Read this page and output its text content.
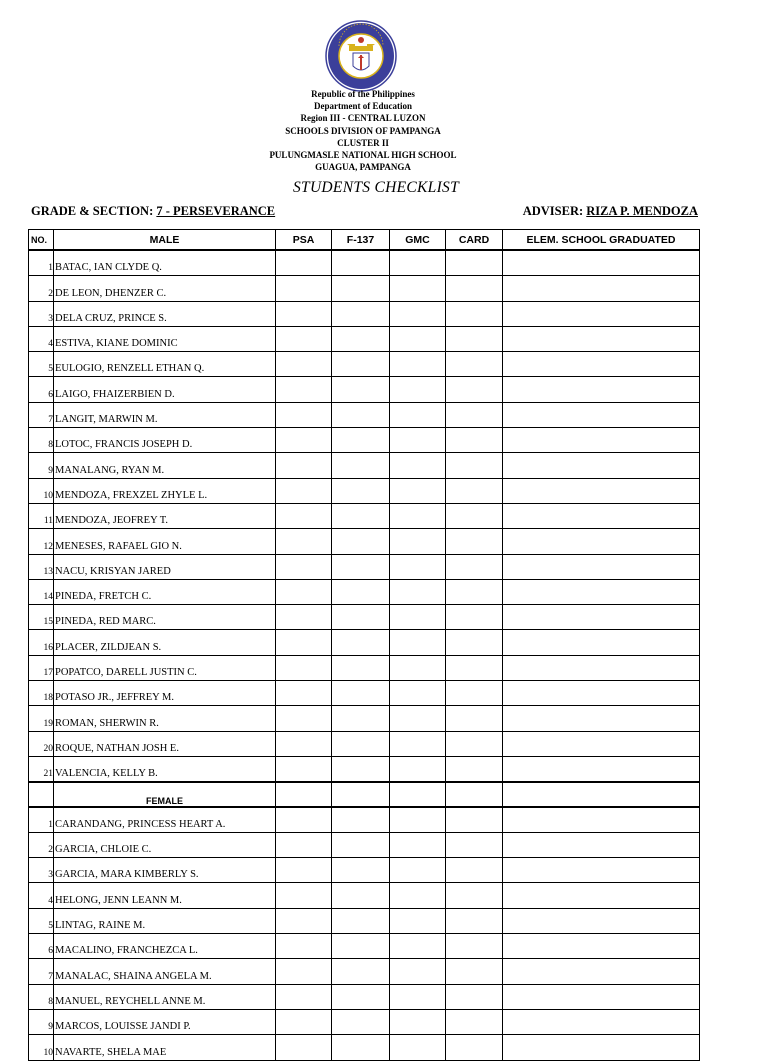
Republic of the Philippines
Department of Education
Region III - CENTRAL LUZON
SCHOOLS DIVISION OF PAMPANGA
CLUSTER II
PULUNGMASLE NATIONAL HIGH SCHOOL
GUAGUA, PAMPANGA
STUDENTS CHECKLIST
GRADE & SECTION: 7 - PERSEVERANCE	ADVISER: RIZA P. MENDOZA
NO.	MALE	PSA	F-137	GMC	CARD	ELEM. SCHOOL GRADUATED
1	BATAC, IAN CLYDE Q.					
2	DE LEON, DHENZER C.					
3	DELA CRUZ, PRINCE S.					
4	ESTIVA, KIANE DOMINIC					
5	EULOGIO, RENZELL ETHAN Q.					
6	LAIGO, FHAIZERBIEN D.					
7	LANGIT, MARWIN M.					
8	LOTOC, FRANCIS JOSEPH D.					
9	MANALANG, RYAN M.					
10	MENDOZA, FREXZEL ZHYLE L.					
11	MENDOZA, JEOFREY T.					
12	MENESES, RAFAEL GIO N.					
13	NACU, KRISYAN JARED					
14	PINEDA, FRETCH C.					
15	PINEDA, RED MARC.					
16	PLACER, ZILDJEAN S.					
17	POPATCO, DARELL JUSTIN C.					
18	POTASO JR., JEFFREY M.					
19	ROMAN, SHERWIN R.					
20	ROQUE, NATHAN JOSH E.					
21	VALENCIA, KELLY B.					
	FEMALE					
1	CARANDANG, PRINCESS HEART A.					
2	GARCIA, CHLOIE C.					
3	GARCIA, MARA KIMBERLY S.					
4	HELONG, JENN LEANN M.					
5	LINTAG, RAINE M.					
6	MACALINO, FRANCHEZCA L.					
7	MANALAC, SHAINA ANGELA M.					
8	MANUEL, REYCHELL ANNE M.					
9	MARCOS, LOUISSE JANDI P.					
10	NAVARTE, SHELA MAE					
